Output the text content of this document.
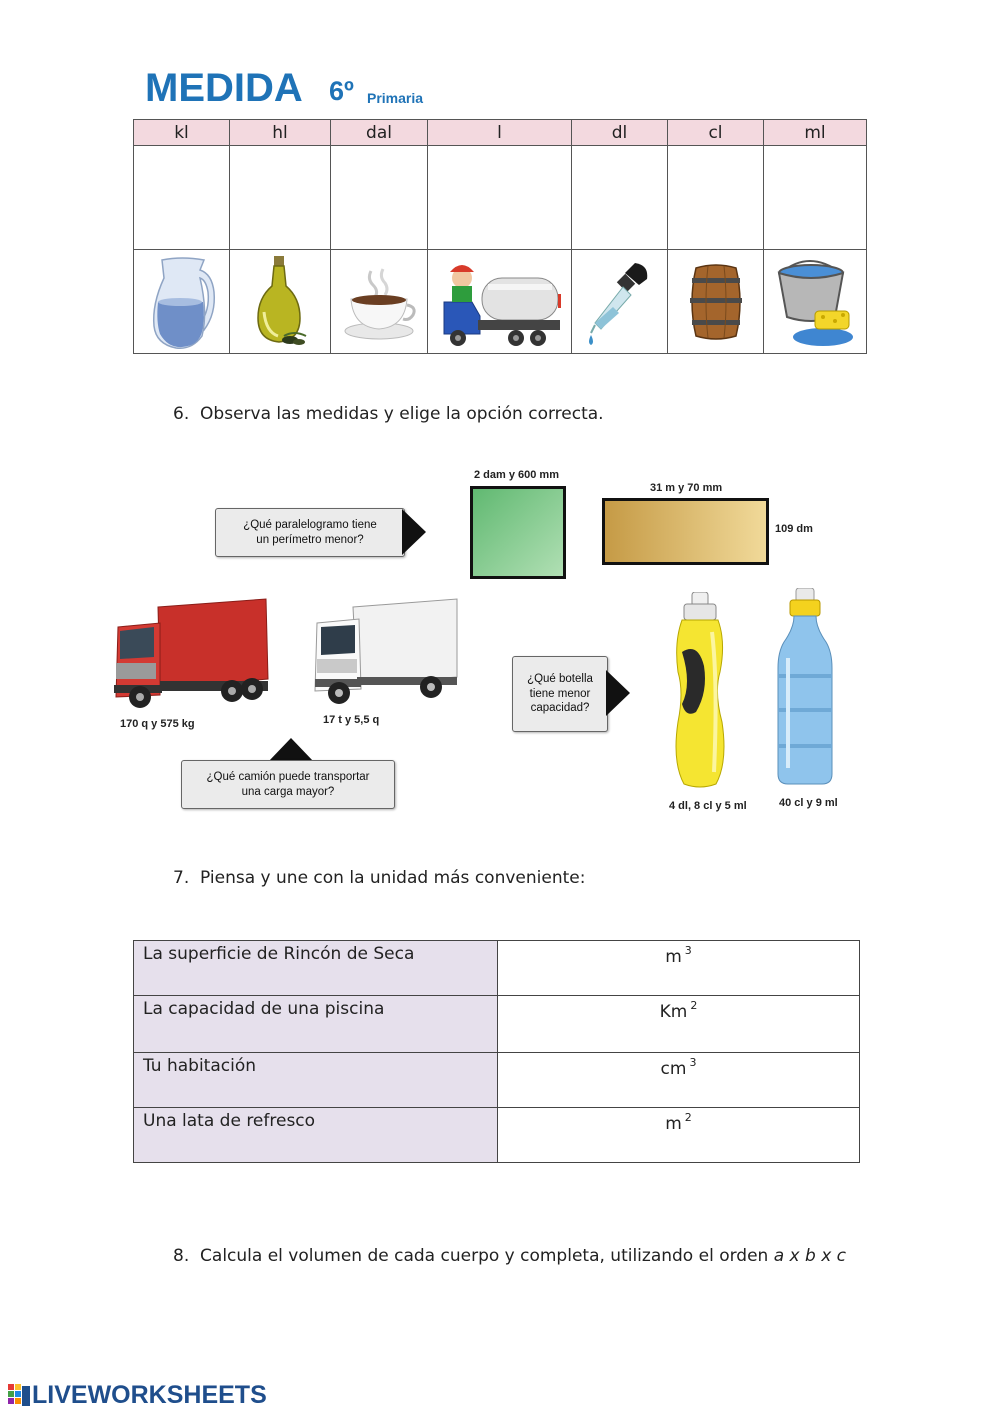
MEDIDA 6º Primaria
kl	hl	dal	l	dl	cl	ml

6. Observa las medidas y elige la opción correcta.
¿Qué paralelogramo tiene un perímetro menor?
2 dam y 600 mm
31 m y 70 mm
109 dm
170 q y 575 kg	17 t y 5,5 q
¿Qué camión puede transportar una carga mayor?
¿Qué botella tiene menor capacidad?
4 dl, 8 cl y 5 ml	40 cl y 9 ml
7. Piensa y une con la unidad más conveniente:
La superficie de Rincón de Seca	m $^3$
La capacidad de una piscina	Km $^2$
Tu habitación	cm $^3$
Una lata de refresco	m $^2$
8. Calcula el volumen de cada cuerpo y completa, utilizando el orden a x b x c
LIVEWORKSHEETS
